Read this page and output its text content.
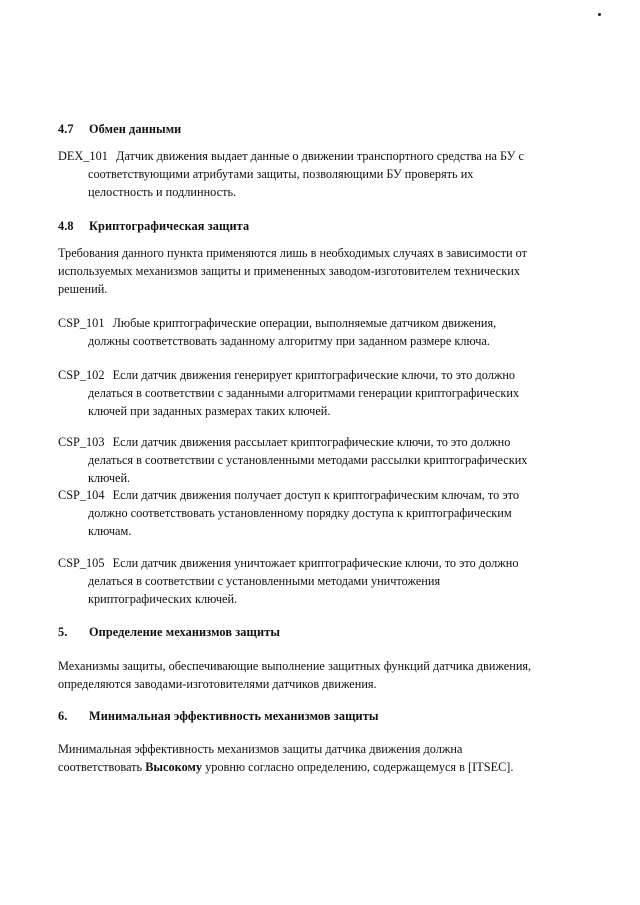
4.7 Обмен данными
DEX_101 Датчик движения выдает данные о движении транспортного средства на БУ с
соответствующими атрибутами защиты, позволяющими БУ проверять их
целостность и подлинность.
4.8 Криптографическая защита
Требования данного пункта применяются лишь в необходимых случаях в зависимости от
используемых механизмов защиты и примененных заводом-изготовителем технических
решений.
CSP_101 Любые криптографические операции, выполняемые датчиком движения,
должны соответствовать заданному алгоритму при заданном размере ключа.
CSP_102 Если датчик движения генерирует криптографические ключи, то это должно
делаться в соответствии с заданными алгоритмами генерации криптографических
ключей при заданных размерах таких ключей.
CSP_103 Если датчик движения рассылает криптографические ключи, то это должно
делаться в соответствии с установленными методами рассылки криптографических
ключей.
CSP_104 Если датчик движения получает доступ к криптографическим ключам, то это
должно соответствовать установленному порядку доступа к криптографическим
ключам.
CSP_105 Если датчик движения уничтожает криптографические ключи, то это должно
делаться в соответствии с установленными методами уничтожения
криптографических ключей.
5. Определение механизмов защиты
Механизмы защиты, обеспечивающие выполнение защитных функций датчика движения,
определяются заводами-изготовителями датчиков движения.
6. Минимальная эффективность механизмов защиты
Минимальная эффективность механизмов защиты датчика движения должна
соответствовать Высокому уровню согласно определению, содержащемуся в [ITSEC].
